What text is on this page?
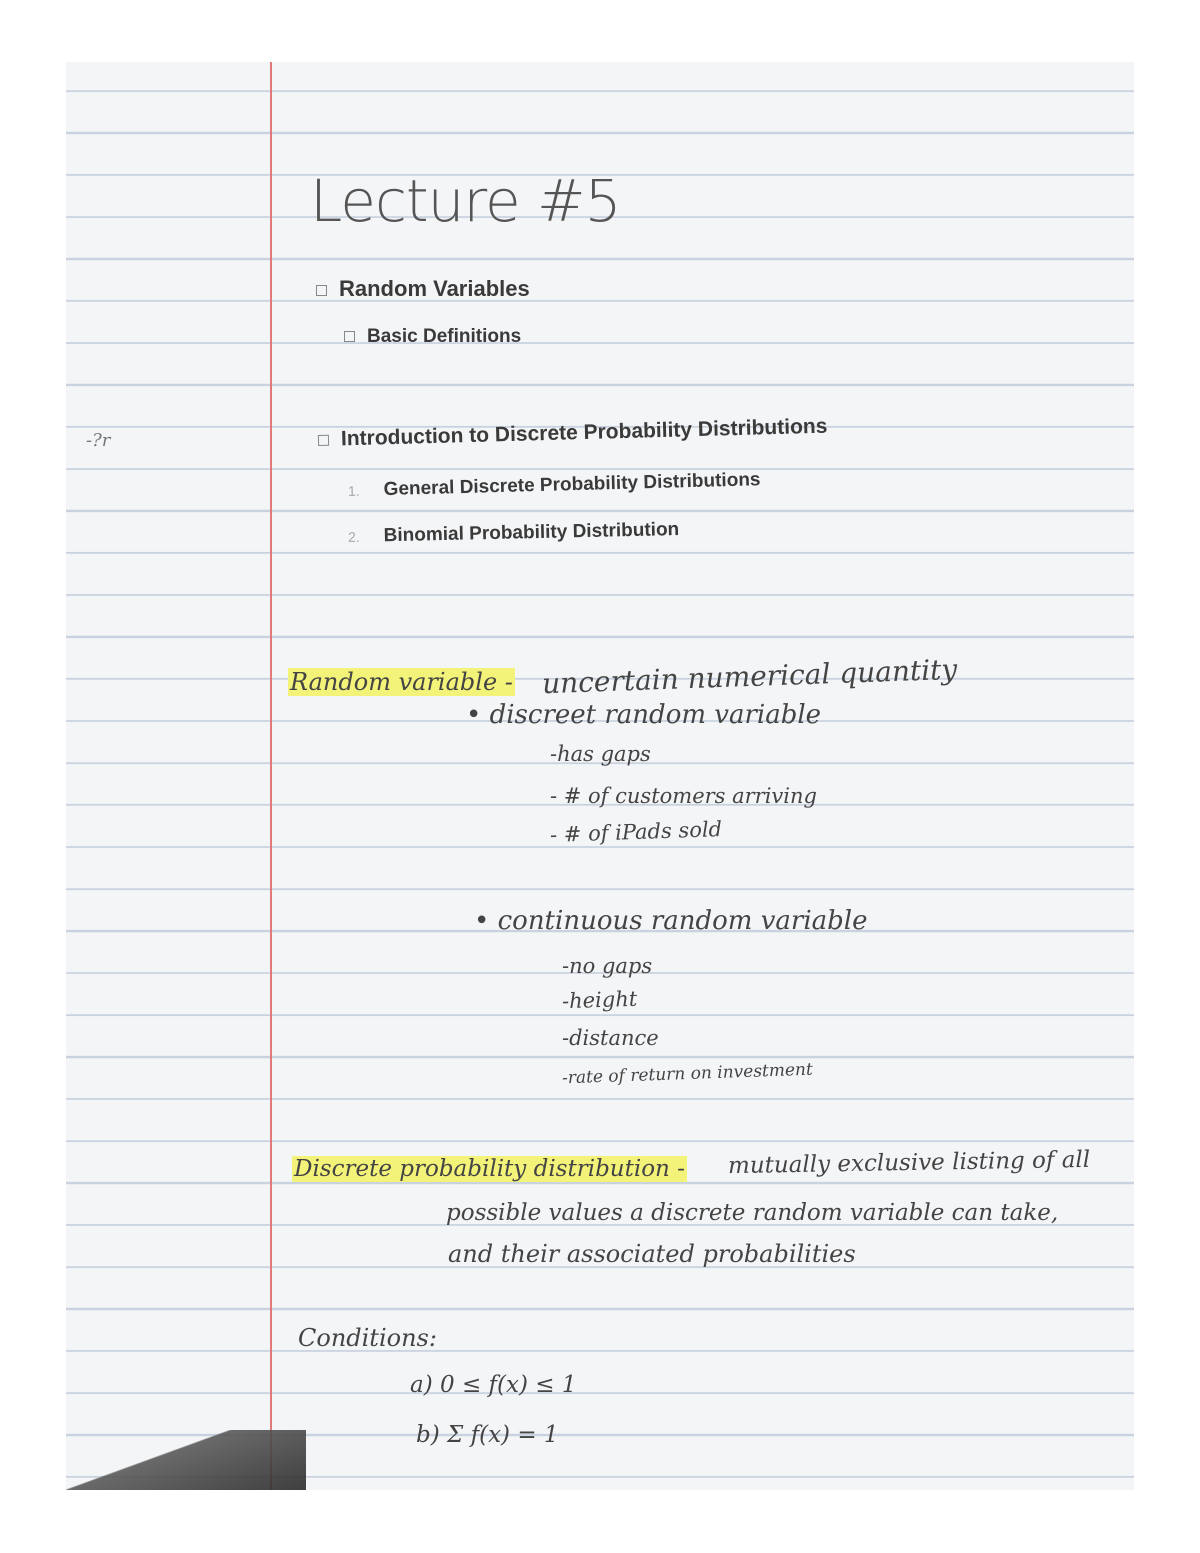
-?r
Lecture #5
Random Variables
Basic Definitions
Introduction to Discrete Probability Distributions
1. General Discrete Probability Distributions
2. Binomial Probability Distribution
Random variable - uncertain numerical quantity
• discreet random variable
-has gaps
- # of customers arriving
- # of iPads sold
• continuous random variable
-no gaps
-height
-distance
-rate of return on investment
Discrete probability distribution - mutually exclusive listing of all
possible values a discrete random variable can take,
and their associated probabilities
Conditions:
a) 0 ≤ f(x) ≤ 1
b) Σ f(x) = 1
